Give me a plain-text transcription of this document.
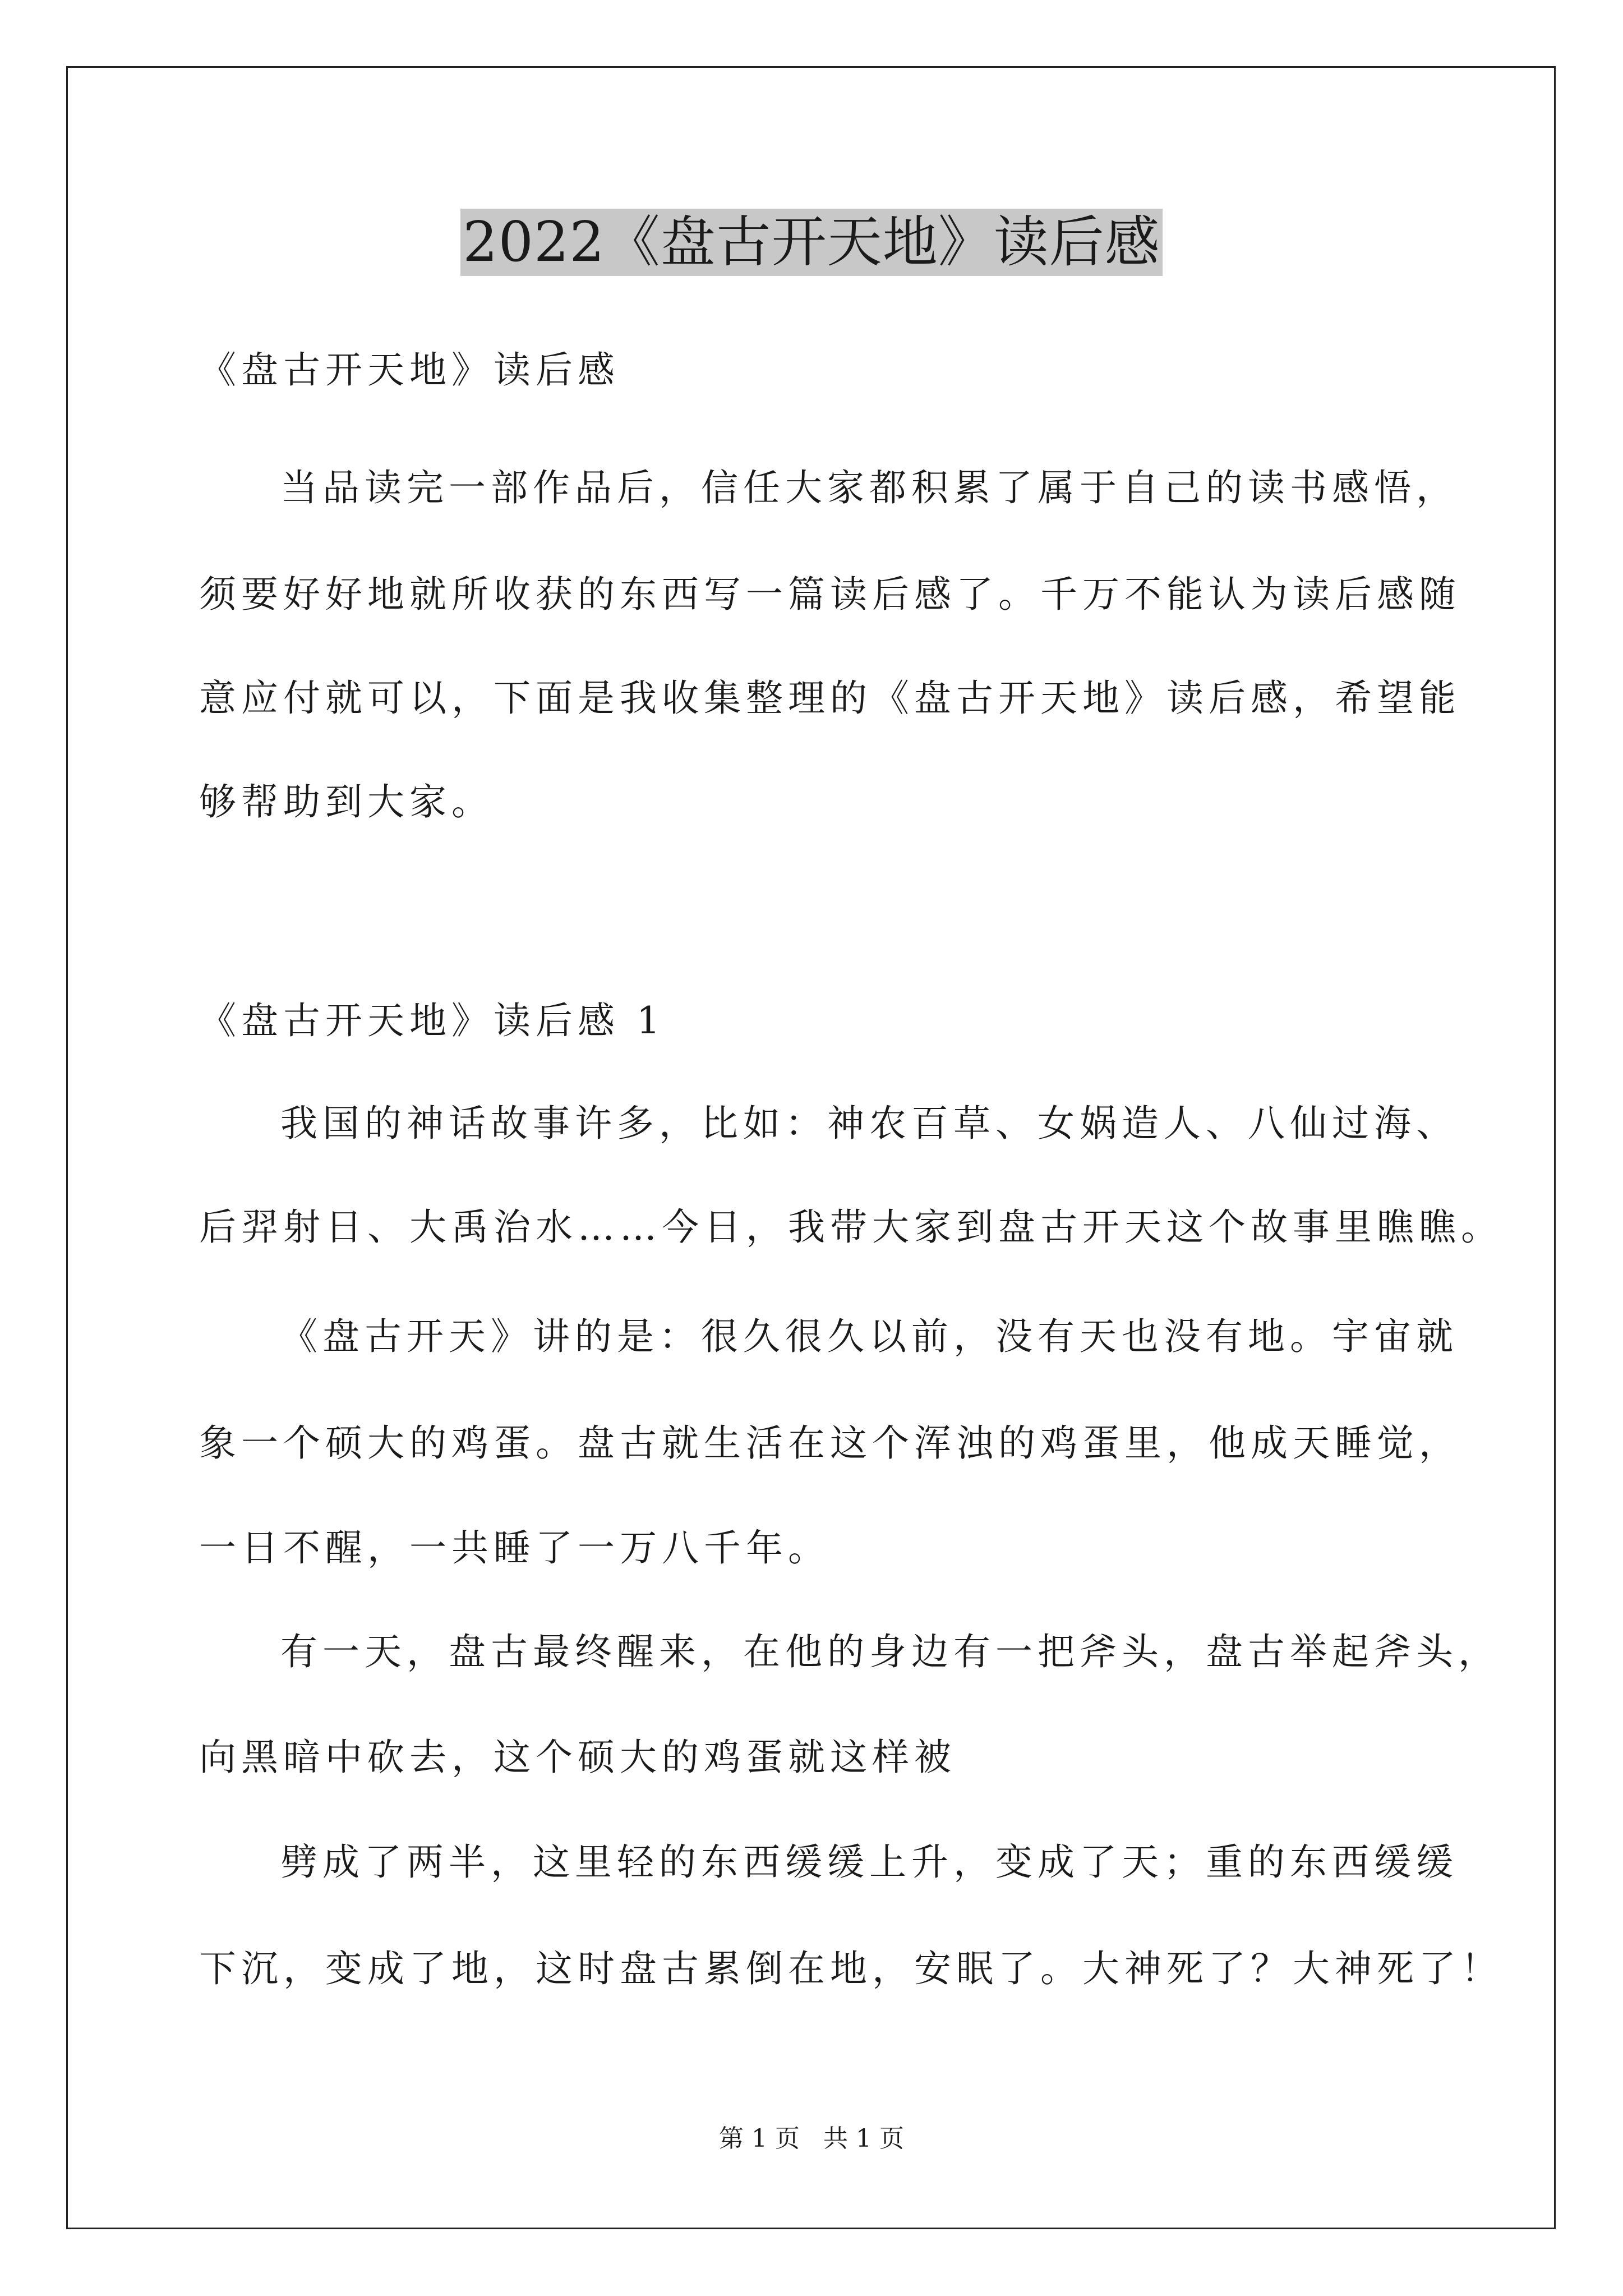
2022《盘古开天地》读后感
《盘古开天地》读后感
当品读完一部作品后，信任大家都积累了属于自己的读书感悟，
须要好好地就所收获的东西写一篇读后感了。千万不能认为读后感随
意应付就可以，下面是我收集整理的《盘古开天地》读后感，希望能
够帮助到大家。
《盘古开天地》读后感 1
我国的神话故事许多，比如：神农百草、女娲造人、八仙过海、
后羿射日、大禹治水……今日，我带大家到盘古开天这个故事里瞧瞧。
《盘古开天》讲的是：很久很久以前，没有天也没有地。宇宙就
象一个硕大的鸡蛋。盘古就生活在这个浑浊的鸡蛋里，他成天睡觉，
一日不醒，一共睡了一万八千年。
有一天，盘古最终醒来，在他的身边有一把斧头，盘古举起斧头，
向黑暗中砍去，这个硕大的鸡蛋就这样被
劈成了两半，这里轻的东西缓缓上升，变成了天；重的东西缓缓
下沉，变成了地，这时盘古累倒在地，安眠了。大神死了？大神死了！
第 1 页   共 1 页
